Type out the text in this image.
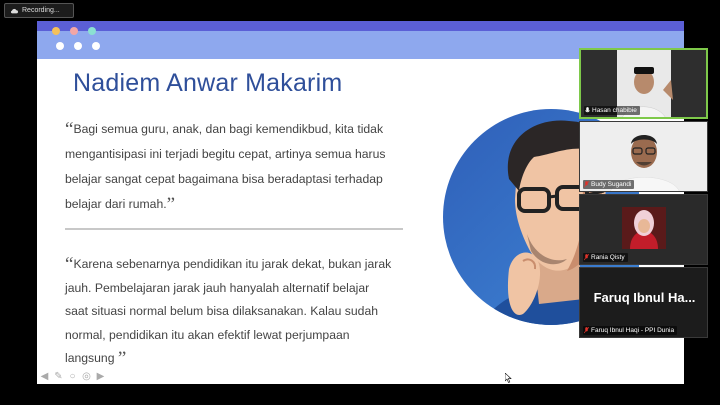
Recording...
Nadiem Anwar Makarim
“Bagi semua guru, anak, dan bagi kemendikbud, kita tidak mengantisipasi ini terjadi begitu cepat, artinya semua harus belajar sangat cepat bagaimana bisa beradaptasi terhadap belajar dari rumah.”
“Karena sebenarnya pendidikan itu jarak dekat, bukan jarak jauh. Pembelajaran jarak jauh hanyalah alternatif belajar saat situasi normal belum bisa dilaksanakan. Kalau sudah normal, pendidikan itu akan efektif lewat perjumpaan langsung ”
◀ ✎ ○ ◎ ▶
Hasan chabibie
Budy Sugandi
Rania Qisty
Faruq Ibnul Ha...
Faruq Ibnul Haqi - PPI Dunia
